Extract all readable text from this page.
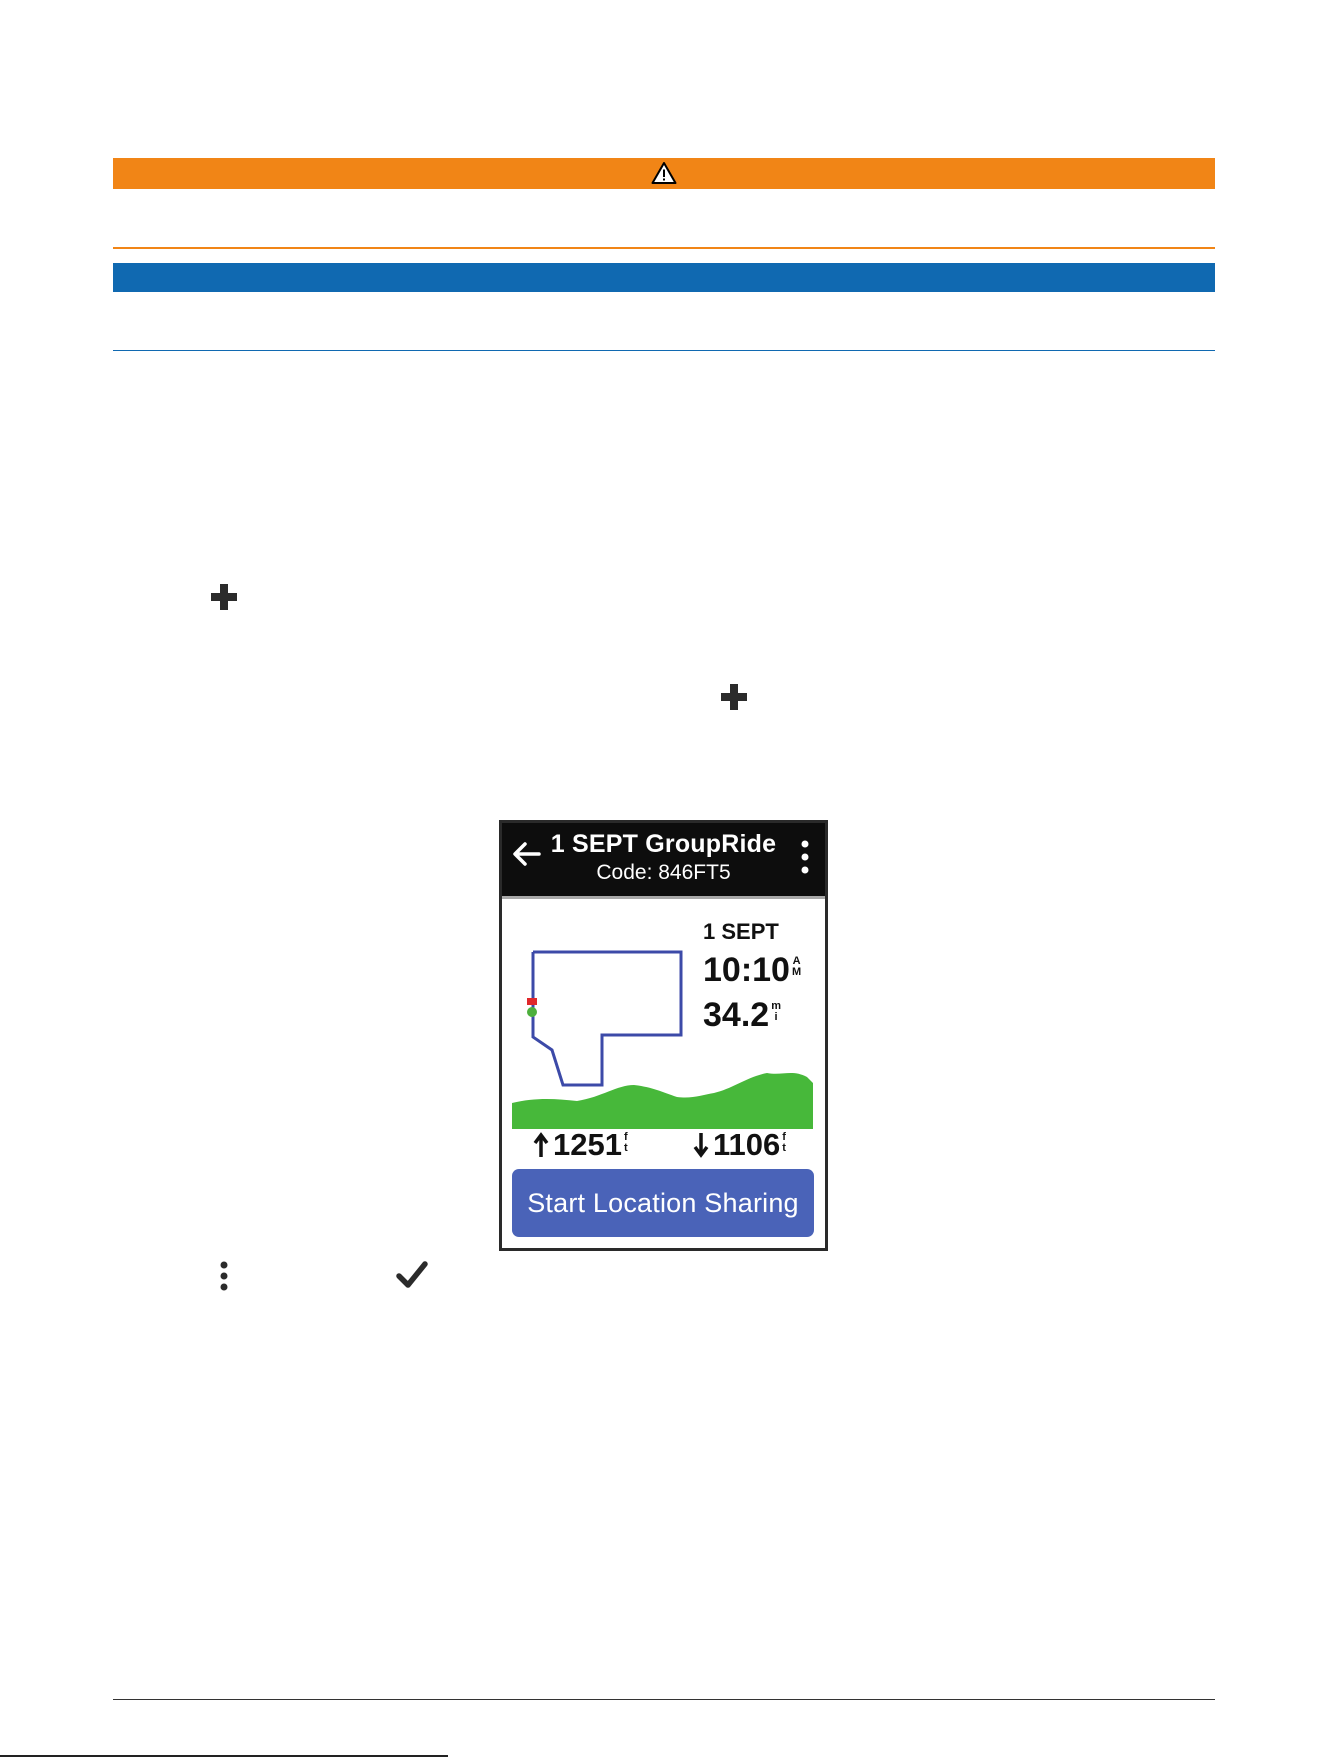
1 SEPT GroupRide
Code: 846FT5
1 SEPT
10:10 A
M
34.2 m
i
1251 f
t	1106 f
t
Start Location Sharing
